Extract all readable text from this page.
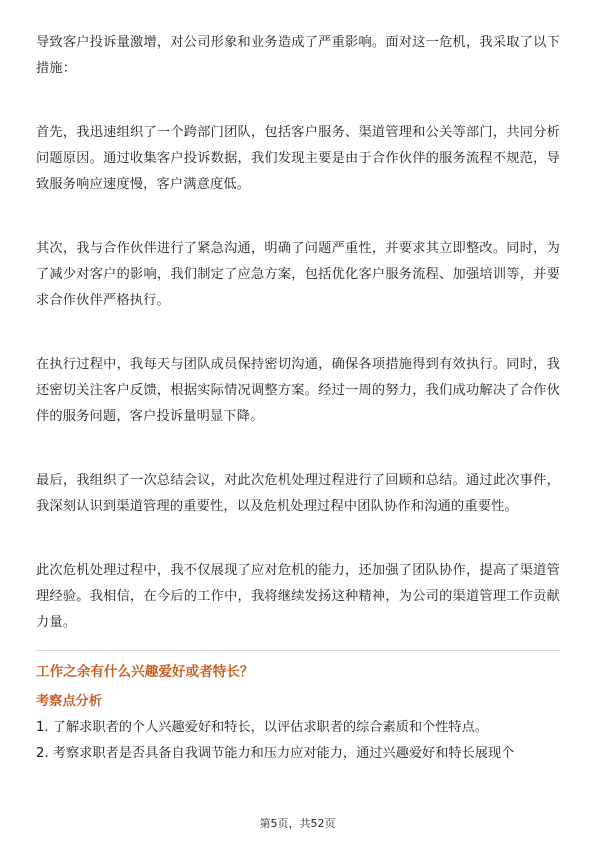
导致客户投诉量激增，对公司形象和业务造成了严重影响。面对这一危机，我采取了以下措施：

首先，我迅速组织了一个跨部门团队，包括客户服务、渠道管理和公关等部门，共同分析问题原因。通过收集客户投诉数据，我们发现主要是由于合作伙伴的服务流程不规范，导致服务响应速度慢，客户满意度低。

其次，我与合作伙伴进行了紧急沟通，明确了问题严重性，并要求其立即整改。同时，为了减少对客户的影响，我们制定了应急方案，包括优化客户服务流程、加强培训等，并要求合作伙伴严格执行。

在执行过程中，我每天与团队成员保持密切沟通，确保各项措施得到有效执行。同时，我还密切关注客户反馈，根据实际情况调整方案。经过一周的努力，我们成功解决了合作伙伴的服务问题，客户投诉量明显下降。

最后，我组织了一次总结会议，对此次危机处理过程进行了回顾和总结。通过此次事件，我深刻认识到渠道管理的重要性，以及危机处理过程中团队协作和沟通的重要性。

此次危机处理过程中，我不仅展现了应对危机的能力，还加强了团队协作，提高了渠道管理经验。我相信，在今后的工作中，我将继续发扬这种精神，为公司的渠道管理工作贡献力量。

工作之余有什么兴趣爱好或者特长？

考察点分析

1. 了解求职者的个人兴趣爱好和特长，以评估求职者的综合素质和个性特点。

2. 考察求职者是否具备自我调节能力和压力应对能力，通过兴趣爱好和特长展现个

第5页，共52页
